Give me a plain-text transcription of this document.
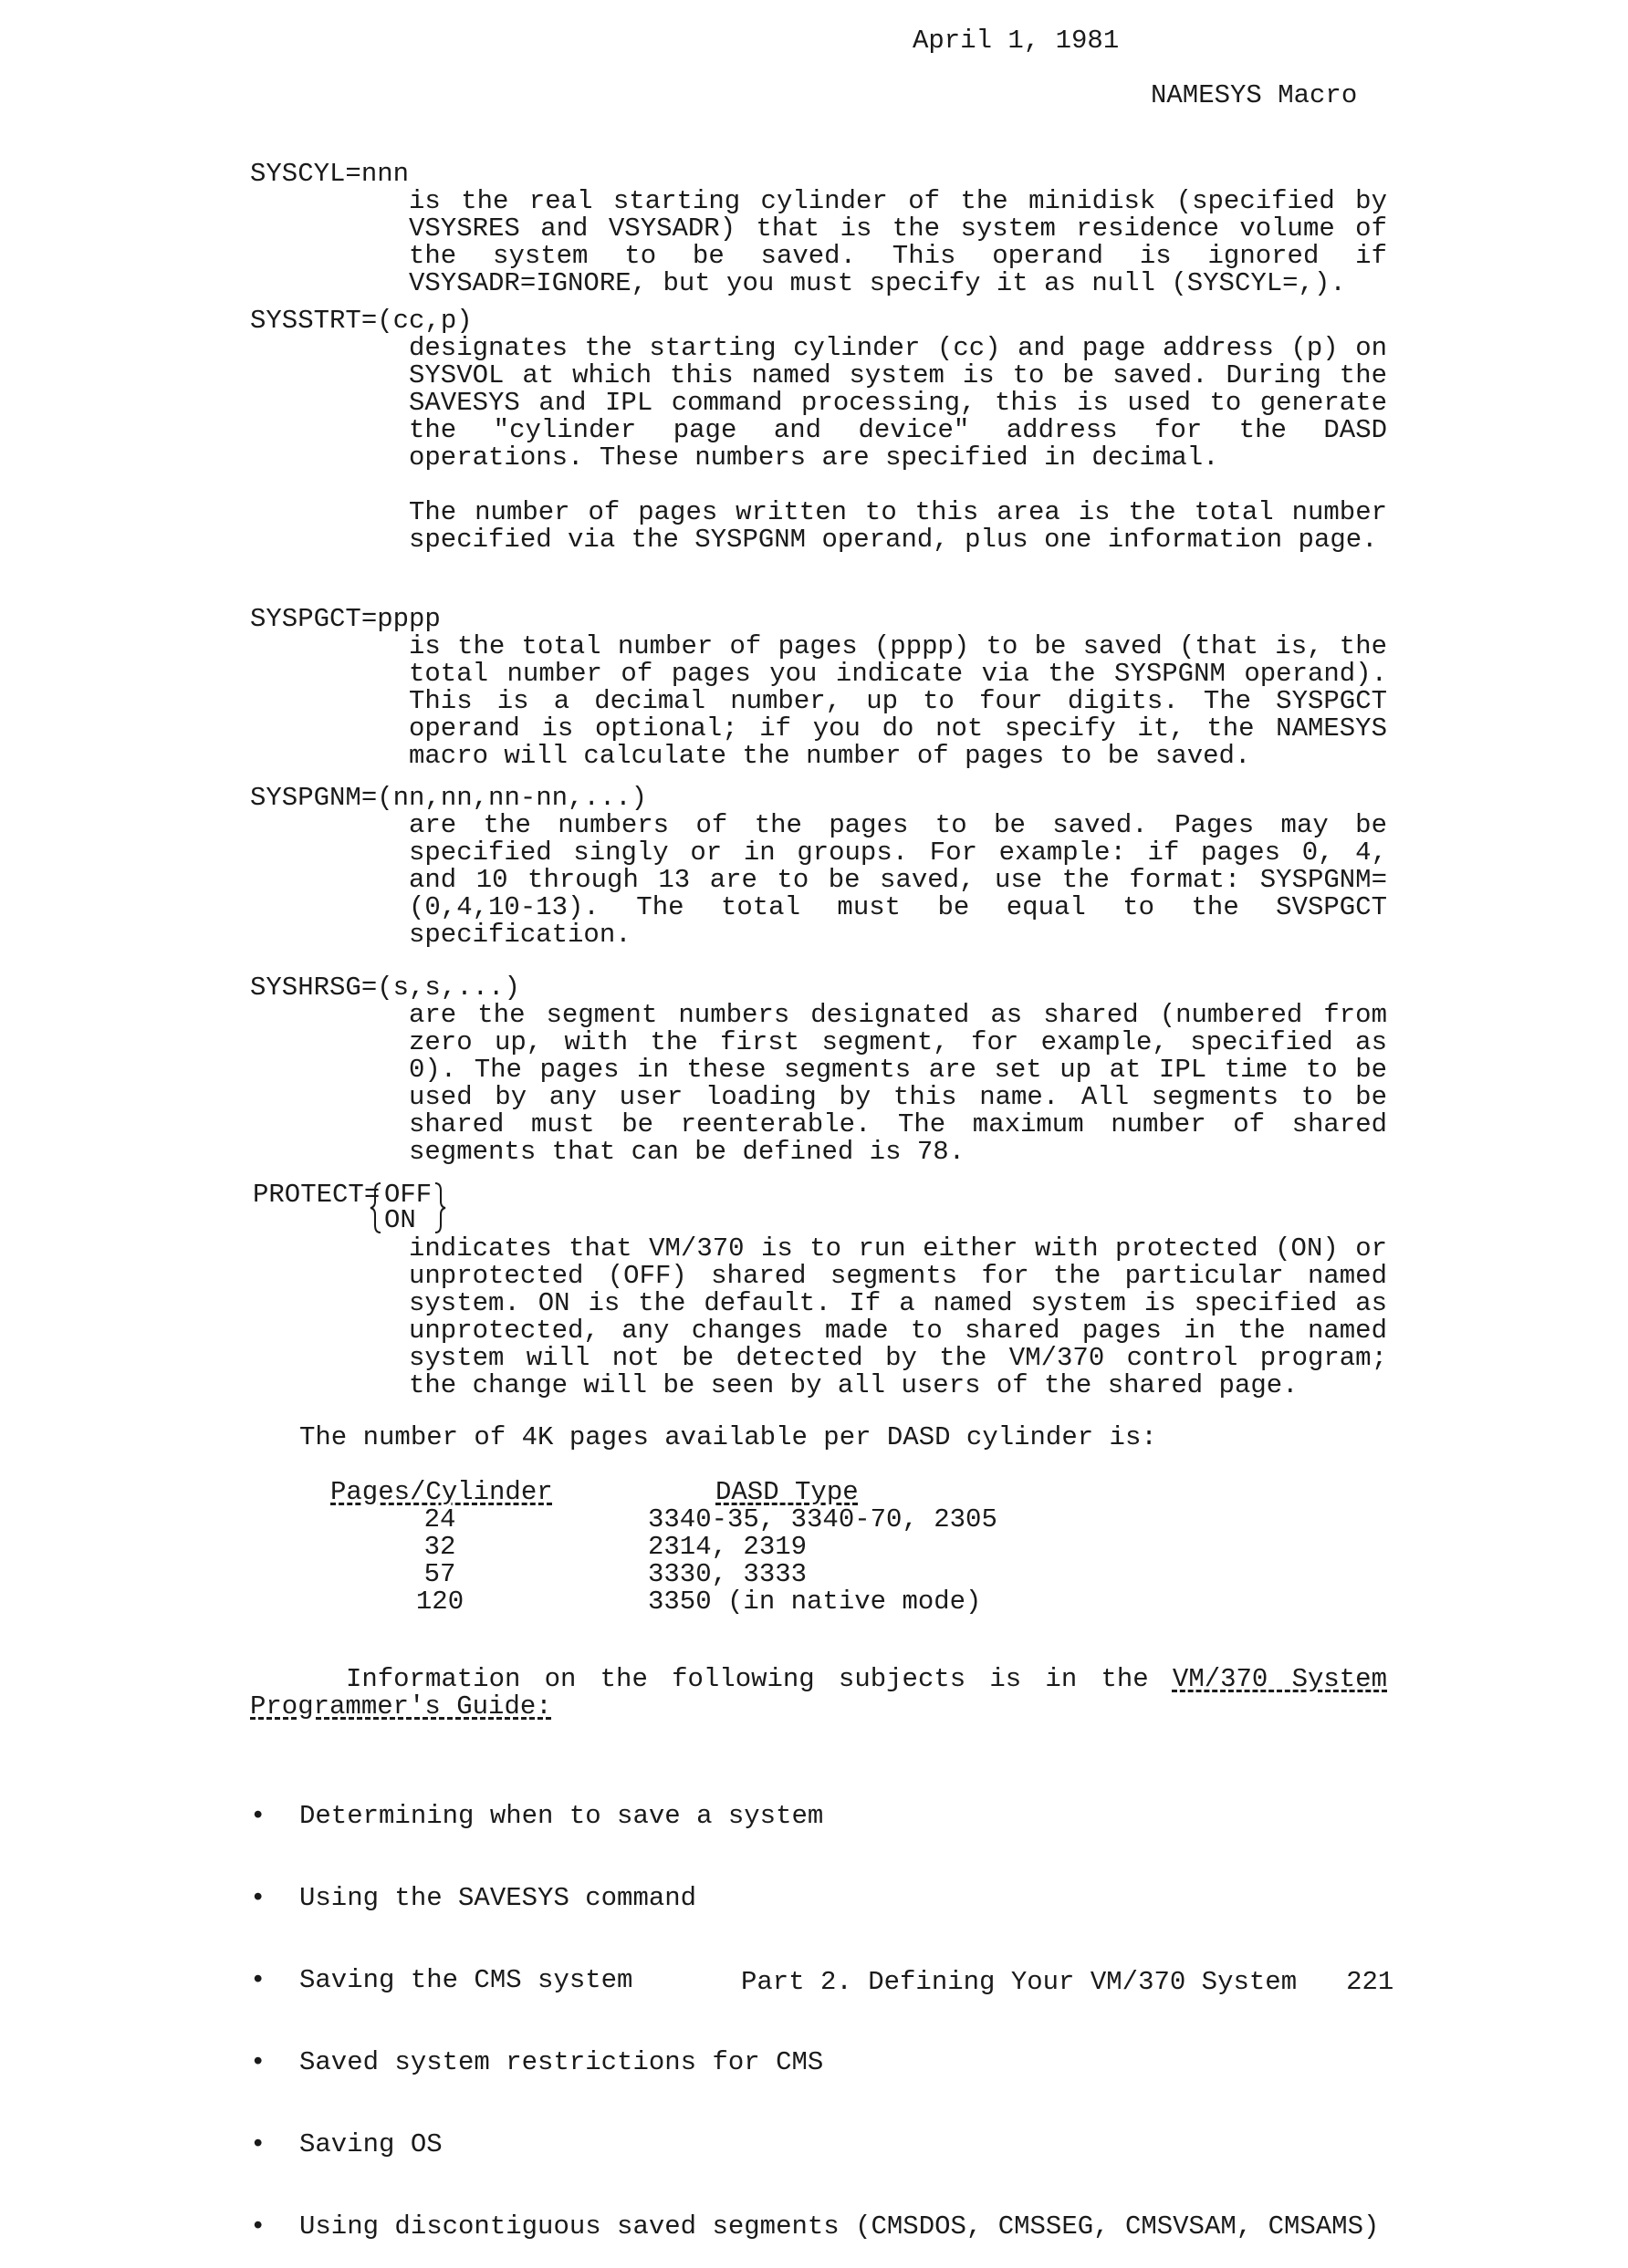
April 1, 1981
NAMESYS Macro
SYSCYL=nnn

is the real starting cylinder of the minidisk (specified by VSYSRES and VSYSADR) that is the system residence volume of the system to be saved. This operand is ignored if VSYSADR=IGNORE, but you must specify it as null (SYSCYL=,).

SYSSTRT=(cc,p)

designates the starting cylinder (cc) and page address (p) on SYSVOL at which this named system is to be saved. During the SAVESYS and IPL command processing, this is used to generate the "cylinder page and device" address for the DASD operations. These numbers are specified in decimal.

The number of pages written to this area is the total number specified via the SYSPGNM operand, plus one information page.

SYSPGCT=pppp

is the total number of pages (pppp) to be saved (that is, the total number of pages you indicate via the SYSPGNM operand). This is a decimal number, up to four digits. The SYSPGCT operand is optional; if you do not specify it, the NAMESYS macro will calculate the number of pages to be saved.

SYSPGNM=(nn,nn,nn-nn,...)

are the numbers of the pages to be saved. Pages may be specified singly or in groups. For example: if pages 0, 4, and 10 through 13 are to be saved, use the format: SYSPGNM=(0,4,10-13). The total must be equal to the SVSPGCT specification.

SYSHRSG=(s,s,...)

are the segment numbers designated as shared (numbered from zero up, with the first segment, for example, specified as 0). The pages in these segments are set up at IPL time to be used by any user loading by this name. All segments to be shared must be reenterable. The maximum number of shared segments that can be defined is 78.

PROTECT=

OFF

ON

indicates that VM/370 is to run either with protected (ON) or unprotected (OFF) shared segments for the particular named system. ON is the default. If a named system is specified as unprotected, any changes made to shared pages in the named system will not be detected by the VM/370 control program; the change will be seen by all users of the shared page.

The number of 4K pages available per DASD cylinder is:
Pages/Cylinder	DASD Type
24	3340-35, 3340-70, 2305
32	2314, 2319
57	3330, 3333
120	3350 (in native mode)
Information on the following subjects is in the VM/370 System Programmer's Guide:

• Determining when to save a system

• Using the SAVESYS command

• Saving the CMS system

• Saved system restrictions for CMS

• Saving OS

• Using discontiguous saved segments (CMSDOS, CMSSEG, CMSVSAM, CMSAMS)

Part 2. Defining Your VM/370 System 221
